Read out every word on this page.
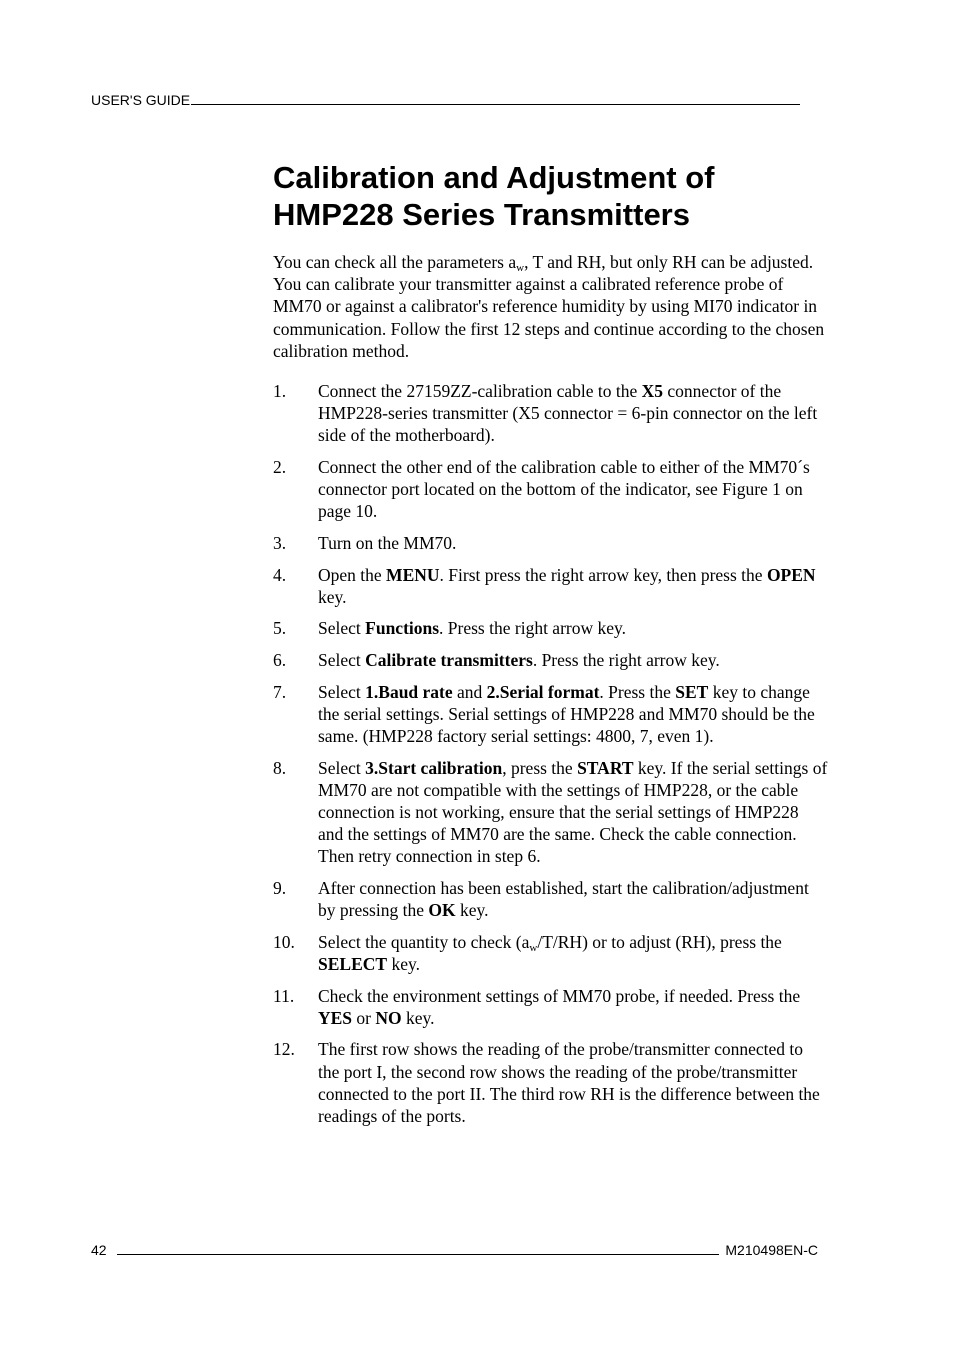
USER'S GUIDE
Calibration and Adjustment of
HMP228 Series Transmitters

You can check all the parameters $a_w$, T and RH, but only RH can be adjusted. You can calibrate your transmitter against a calibrated reference probe of MM70 or against a calibrator's reference humidity by using MI70 indicator in communication. Follow the first 12 steps and continue according to the chosen calibration method.

1.	Connect the 27159ZZ-calibration cable to the X5 connector of the HMP228-series transmitter (X5 connector = 6-pin connector on the left side of the motherboard).
2.	Connect the other end of the calibration cable to either of the MM70´s connector port located on the bottom of the indicator, see Figure 1 on page 10.
3.	Turn on the MM70.
4.	Open the MENU. First press the right arrow key, then press the OPEN key.
5.	Select Functions. Press the right arrow key.
6.	Select Calibrate transmitters. Press the right arrow key.
7.	Select 1.Baud rate and 2.Serial format. Press the SET key to change the serial settings. Serial settings of HMP228 and MM70 should be the same. (HMP228 factory serial settings: 4800, 7, even 1).
8.	Select 3.Start calibration, press the START key. If the serial settings of MM70 are not compatible with the settings of HMP228, or the cable connection is not working, ensure that the serial settings of HMP228 and the settings of MM70 are the same. Check the cable connection. Then retry connection in step 6.
9.	After connection has been established, start the calibration/adjustment by pressing the OK key.
10.	Select the quantity to check $(a_w/T/RH)$ or to adjust (RH), press the SELECT key.
11.	Check the environment settings of MM70 probe, if needed. Press the YES or NO key.
12.	The first row shows the reading of the probe/transmitter connected to the port I, the second row shows the reading of the probe/transmitter connected to the port II. The third row RH is the difference between the readings of the ports.
42	M210498EN-C
